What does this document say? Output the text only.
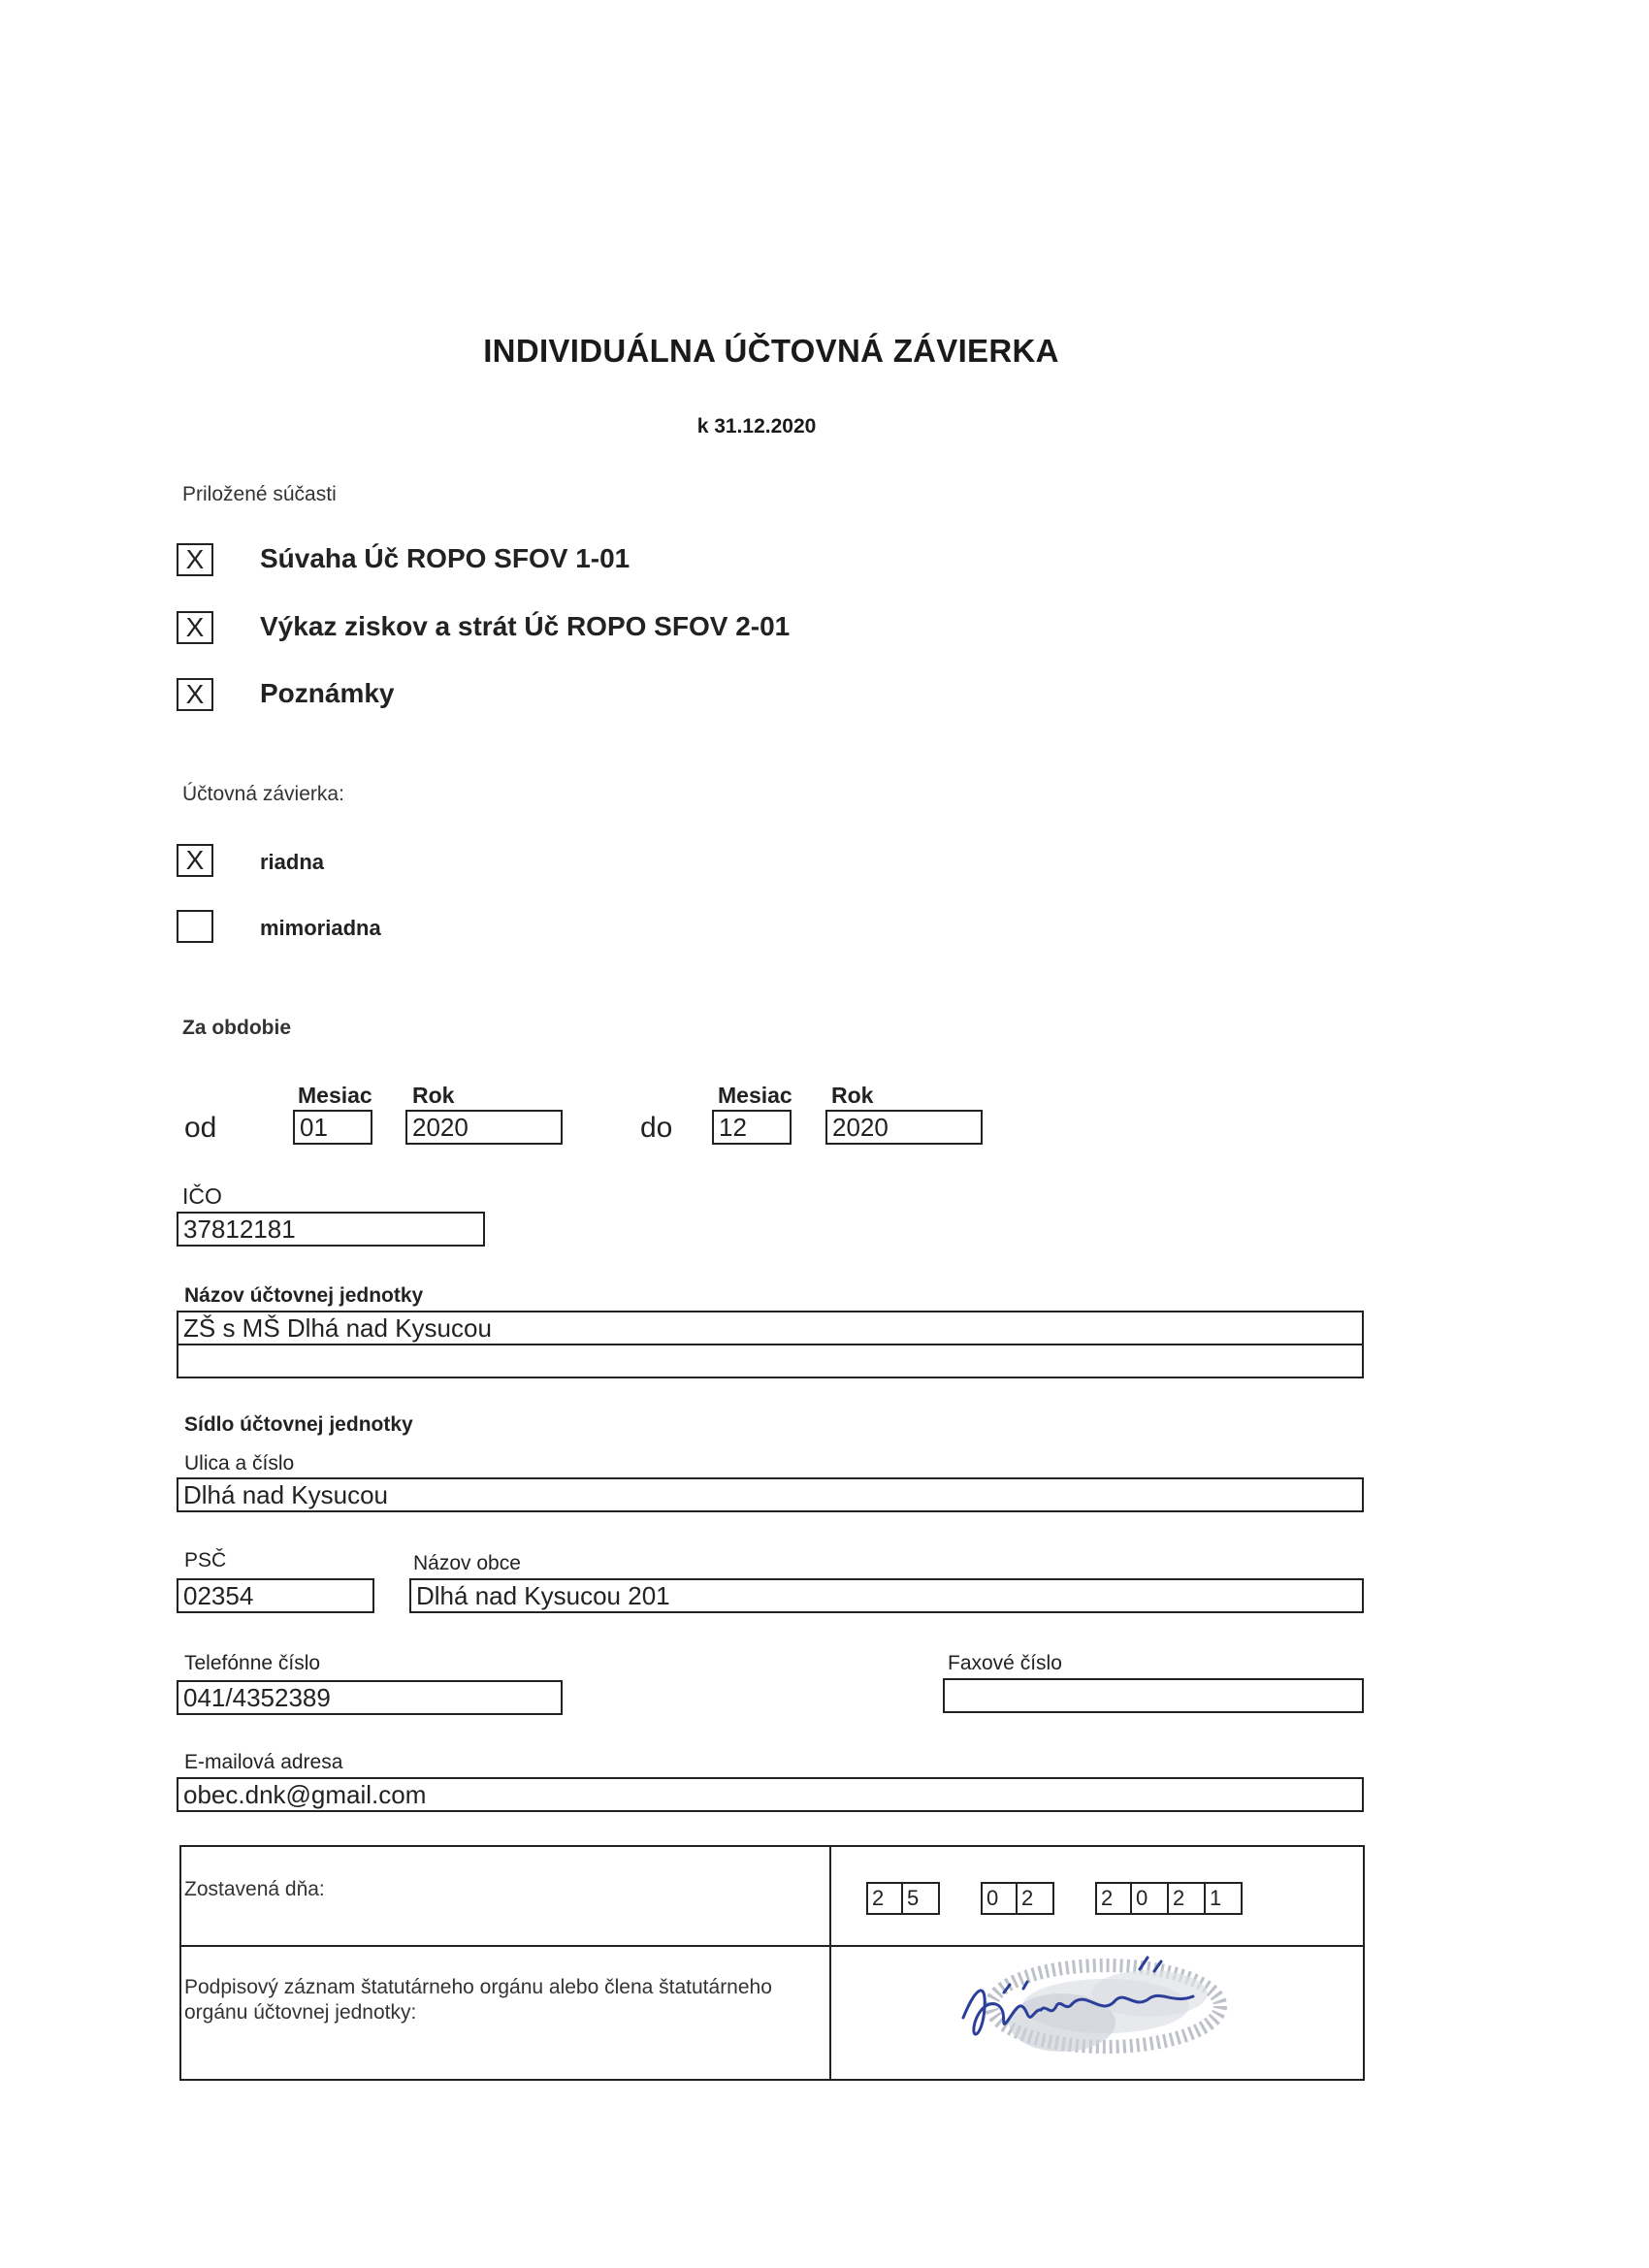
INDIVIDUÁLNA ÚČTOVNÁ ZÁVIERKA
k 31.12.2020
Priložené súčasti
X	Súvaha Úč ROPO SFOV 1-01
X	Výkaz ziskov a strát Úč ROPO SFOV 2-01
X	Poznámky
Účtovná závierka:
X	riadna
mimoriadna
Za obdobie
Mesiac Rok	Mesiac Rok
od	01	2020	do 12	2020
IČO
37812181
Názov účtovnej jednotky
ZŠ s MŠ Dlhá nad Kysucou
Sídlo účtovnej jednotky
Ulica a číslo
Dlhá nad Kysucou
PSČ	Názov obce
02354	Dlhá nad Kysucou 201
Telefónne číslo	Faxové číslo
041/4352389
E-mailová adresa
obec.dnk@gmail.com
Zostavená dňa:	2	5	0	2	2	0	2	1
Podpisový záznam štatutárneho orgánu alebo člena štatutárneho orgánu účtovnej jednotky:
